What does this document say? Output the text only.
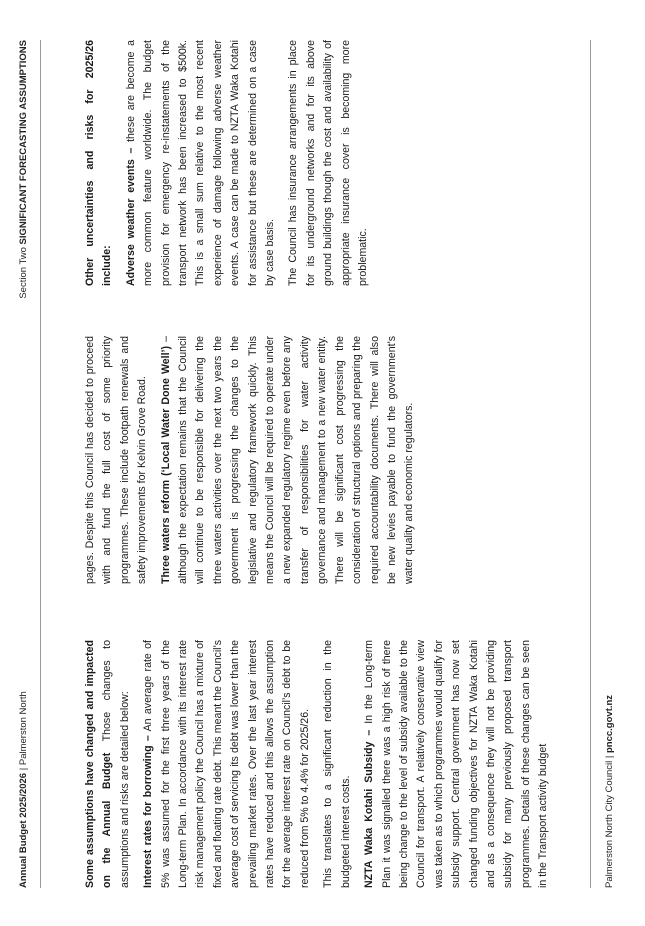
Annual Budget 2025/2026 | Palmerston North
Section Two SIGNIFICANT FORECASTING ASSUMPTIONS

Some assumptions have changed and impacted on the Annual Budget Those changes to assumptions and risks are detailed below:	Interest rates for borrowing – An average rate of 5% was assumed for the first three years of the Long-term Plan. In accordance with its interest rate risk management policy the Council has a mixture of fixed and floating rate debt. This meant the Council’s average cost of servicing its debt was lower than the prevailing market rates. Over the last year interest rates have reduced and this allows the assumption for the average interest rate on Council’s debt to be reduced from 5% to 4.4% for 2025/26.	This translates to a significant reduction in the budgeted interest costs.	NZTA Waka Kotahi Subsidy – In the Long-term Plan it was signalled there was a high risk of there being change to the level of subsidy available to the Council for transport. A relatively conservative view was taken as to which programmes would qualify for subsidy support. Central government has now set changed funding objectives for NZTA Waka Kotahi and as a consequence they will not be providing subsidy for many previously proposed transport programmes. Details of these changes can be seen in the Transport activity budget

pages. Despite this Council has decided to proceed with and fund the full cost of some priority programmes. These include footpath renewals and safety improvements for Kelvin Grove Road.	Three waters reform (‘Local Water Done Well’) – although the expectation remains that the Council will continue to be responsible for delivering the three waters activities over the next two years the government is progressing the changes to the legislative and regulatory framework quickly. This means the Council will be required to operate under a new expanded regulatory regime even before any transfer of responsibilities for water activity governance and management to a new water entity. There will be significant cost progressing the consideration of structural options and preparing the required accountability documents. There will also be new levies payable to fund the government’s water quality and economic regulators.

Other uncertainties and risks for 2025/26 include:	Adverse weather events – these are become a more common feature worldwide. The budget provision for emergency re-instatements of the transport network has been increased to $500k. This is a small sum relative to the most recent experience of damage following adverse weather events. A case can be made to NZTA Waka Kotahi for assistance but these are determined on a case by case basis.	The Council has insurance arrangements in place for its underground networks and for its above ground buildings though the cost and availability of appropriate insurance cover is becoming more problematic.

Palmerston North City Council | pncc.govt.nz
